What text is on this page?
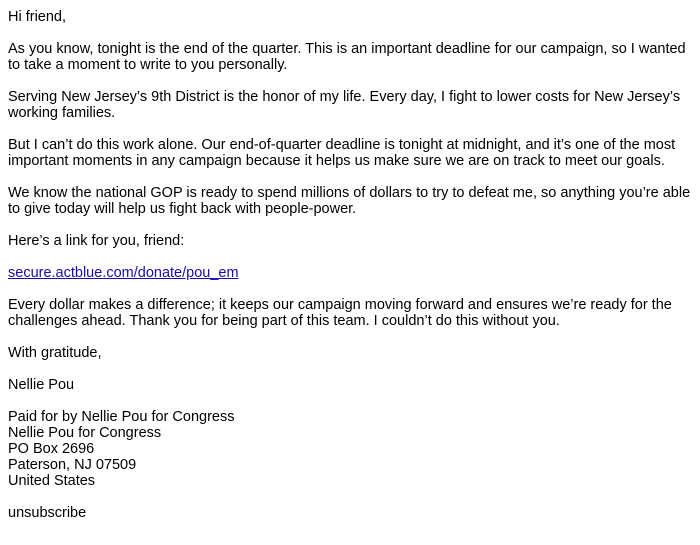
Hi friend,

As you know, tonight is the end of the quarter. This is an important deadline for our campaign, so I wanted to take a moment to write to you personally.

Serving New Jersey’s 9th District is the honor of my life. Every day, I fight to lower costs for New Jersey’s working families.

But I can’t do this work alone. Our end-of-quarter deadline is tonight at midnight, and it’s one of the most important moments in any campaign because it helps us make sure we are on track to meet our goals.

We know the national GOP is ready to spend millions of dollars to try to defeat me, so anything you’re able to give today will help us fight back with people-power.

Here’s a link for you, friend:

secure.actblue.com/donate/pou_em

Every dollar makes a difference; it keeps our campaign moving forward and ensures we’re ready for the challenges ahead. Thank you for being part of this team. I couldn’t do this without you.

With gratitude,

Nellie Pou

Paid for by Nellie Pou for Congress
Nellie Pou for Congress
PO Box 2696
Paterson, NJ 07509
United States

unsubscribe
